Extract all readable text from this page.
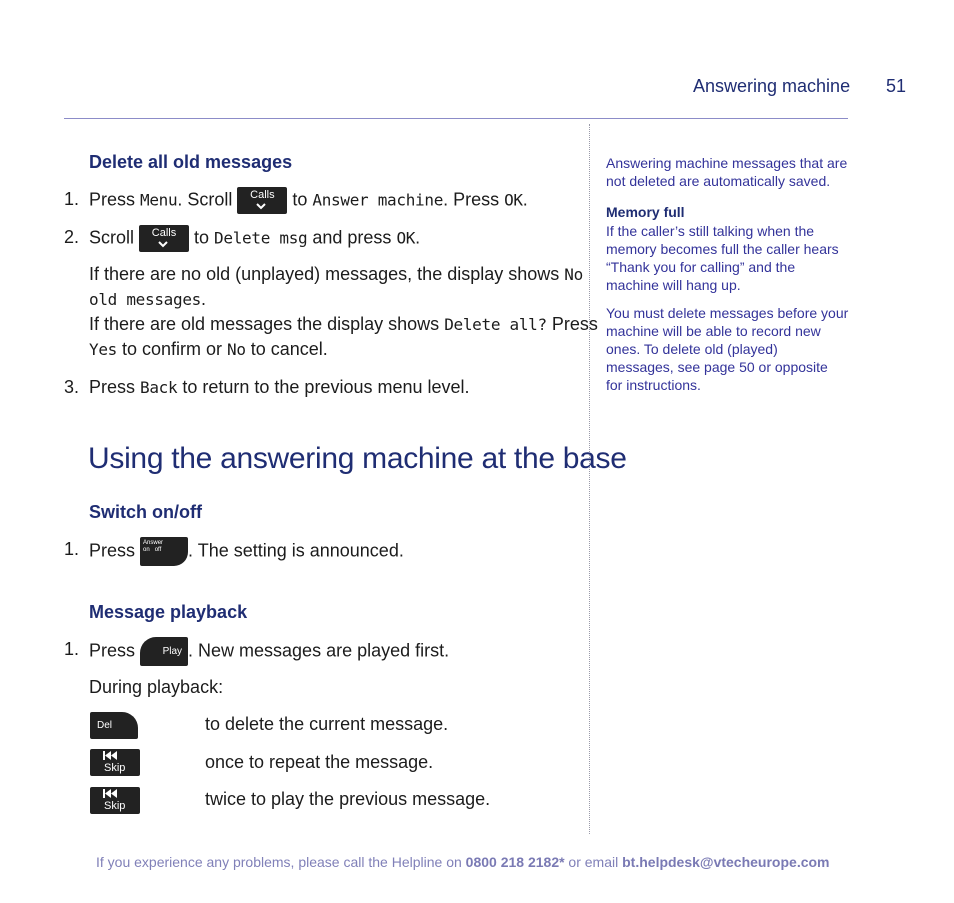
Answering machine 51
Delete all old messages
1. Press Menu. Scroll	Calls to Answer machine. Press OK.
2. Scroll	Calls to Delete msg and press OK.
If there are no old (unplayed) messages, the display shows No
old messages.
If there are old messages the display shows Delete all? Press
Yes to confirm or No to cancel.
3. Press Back to return to the previous menu level.
Using the answering machine at the base
Switch on/off
1. Press Answer
on off . The setting is announced.
Message playback
1. Press Play . New messages are played first.
During playback:
Del	to delete the current message.
Skip	once to repeat the message.
Skip	twice to play the previous message.
Answering machine messages that are
not deleted are automatically saved.
Memory full
If the caller’s still talking when the
memory becomes full the caller hears
“Thank you for calling” and the
machine will hang up.
You must delete messages before your
machine will be able to record new
ones. To delete old (played)
messages, see page 50 or opposite
for instructions.
If you experience any problems, please call the Helpline on 0800 218 2182* or email bt.helpdesk@vtecheurope.com
